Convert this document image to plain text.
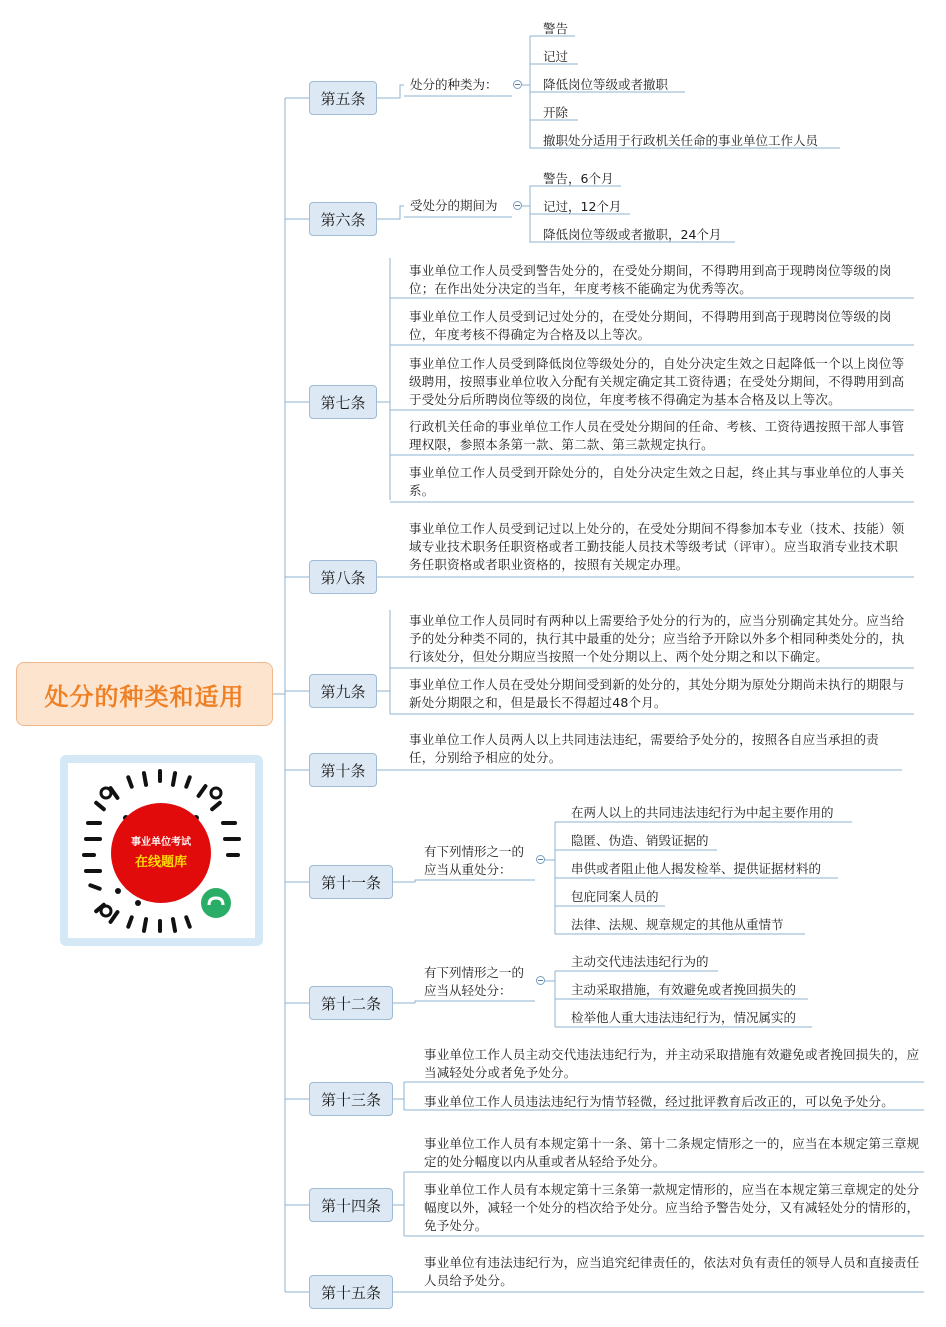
处分的种类和适用
事业单位考试
在线题库
第五条
处分的种类为：
警告
记过
降低岗位等级或者撤职
开除
撤职处分适用于行政机关任命的事业单位工作人员
第六条
受处分的期间为
警告，6个月
记过，12个月
降低岗位等级或者撤职，24个月
第七条
事业单位工作人员受到警告处分的，在受处分期间，不得聘用到高于现聘岗位等级的岗位；在作出处分决定的当年，年度考核不能确定为优秀等次。
事业单位工作人员受到记过处分的，在受处分期间，不得聘用到高于现聘岗位等级的岗位，年度考核不得确定为合格及以上等次。
事业单位工作人员受到降低岗位等级处分的，自处分决定生效之日起降低一个以上岗位等级聘用，按照事业单位收入分配有关规定确定其工资待遇；在受处分期间，不得聘用到高于受处分后所聘岗位等级的岗位，年度考核不得确定为基本合格及以上等次。
行政机关任命的事业单位工作人员在受处分期间的任命、考核、工资待遇按照干部人事管理权限，参照本条第一款、第二款、第三款规定执行。
事业单位工作人员受到开除处分的，自处分决定生效之日起，终止其与事业单位的人事关系。
第八条
事业单位工作人员受到记过以上处分的，在受处分期间不得参加本专业（技术、技能）领域专业技术职务任职资格或者工勤技能人员技术等级考试（评审）。应当取消专业技术职务任职资格或者职业资格的，按照有关规定办理。
第九条
事业单位工作人员同时有两种以上需要给予处分的行为的，应当分别确定其处分。应当给予的处分种类不同的，执行其中最重的处分；应当给予开除以外多个相同种类处分的，执行该处分，但处分期应当按照一个处分期以上、两个处分期之和以下确定。
事业单位工作人员在受处分期间受到新的处分的，其处分期为原处分期尚未执行的期限与新处分期限之和，但是最长不得超过48个月。
第十条
事业单位工作人员两人以上共同违法违纪，需要给予处分的，按照各自应当承担的责任，分别给予相应的处分。
第十一条
有下列情形之一的应当从重处分：
在两人以上的共同违法违纪行为中起主要作用的
隐匿、伪造、销毁证据的
串供或者阻止他人揭发检举、提供证据材料的
包庇同案人员的
法律、法规、规章规定的其他从重情节
第十二条
有下列情形之一的应当从轻处分：
主动交代违法违纪行为的
主动采取措施，有效避免或者挽回损失的
检举他人重大违法违纪行为，情况属实的
第十三条
事业单位工作人员主动交代违法违纪行为，并主动采取措施有效避免或者挽回损失的，应当减轻处分或者免予处分。
事业单位工作人员违法违纪行为情节轻微，经过批评教育后改正的，可以免予处分。
第十四条
事业单位工作人员有本规定第十一条、第十二条规定情形之一的，应当在本规定第三章规定的处分幅度以内从重或者从轻给予处分。
事业单位工作人员有本规定第十三条第一款规定情形的，应当在本规定第三章规定的处分幅度以外，减轻一个处分的档次给予处分。应当给予警告处分，又有减轻处分的情形的，免予处分。
第十五条
事业单位有违法违纪行为，应当追究纪律责任的，依法对负有责任的领导人员和直接责任人员给予处分。
